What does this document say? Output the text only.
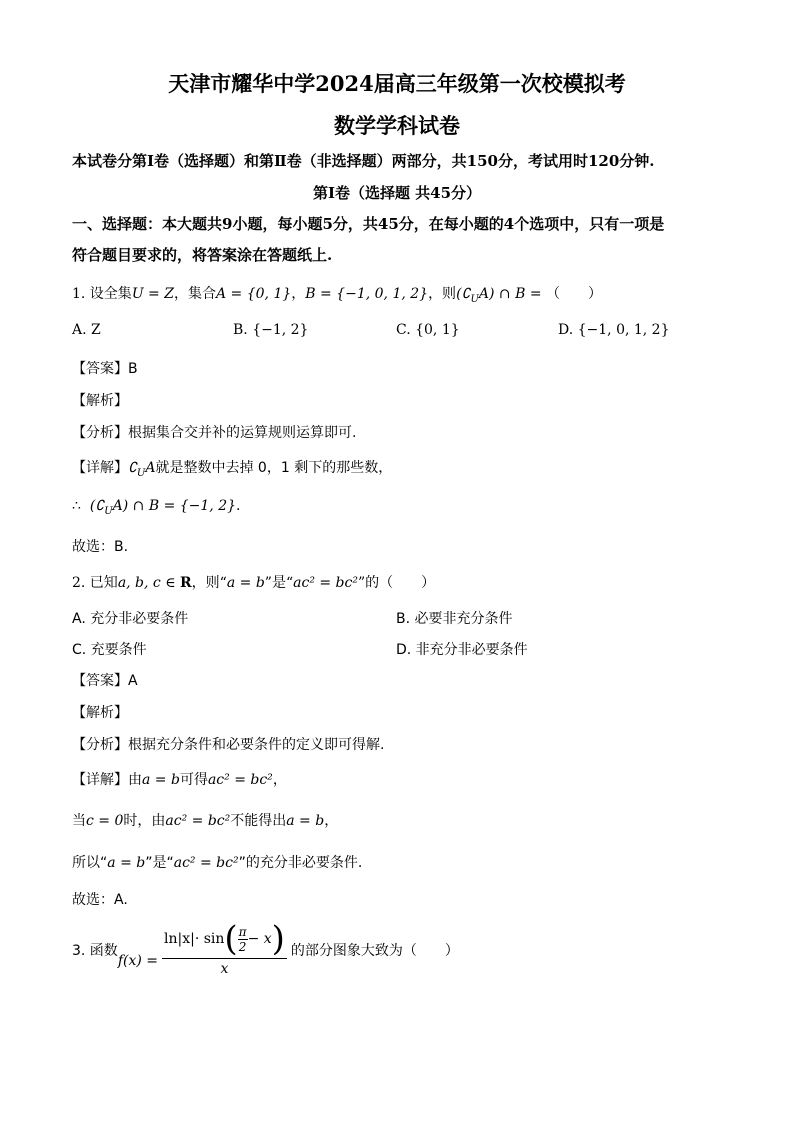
天津市耀华中学2024届高三年级第一次校模拟考
数学学科试卷
本试卷分第Ⅰ卷（选择题）和第Ⅱ卷（非选择题）两部分，共150分，考试用时120分钟.
第Ⅰ卷（选择题 共45分）
一、选择题：本大题共9小题，每小题5分，共45分，在每小题的4个选项中，只有一项是
符合题目要求的，将答案涂在答题纸上.
1. 设全集U = Z，集合A = {0, 1}，B = {−1, 0, 1, 2}，则$(∁_UA)$ ∩ B = （　　）
A. Z	B. {−1, 2}	C. {0, 1}	D. {−1, 0, 1, 2}
【答案】B
【解析】
【分析】根据集合交并补的运算规则运算即可.
【详解】$∁_UA$就是整数中去掉 0，1 剩下的那些数，
∴ $(∁_UA)$ ∩ B = {−1, 2}.
故选：B.
2. 已知a, b, c ∈ R，则“a = b”是“ac² = bc²”的（　　）
A. 充分非必要条件	B. 必要非充分条件
C. 充要条件	D. 非充分非必要条件
【答案】A
【解析】
【分析】根据充分条件和必要条件的定义即可得解.
【详解】由a = b可得ac² = bc²，
当c = 0时，由ac² = bc²不能得出a = b，
所以“a = b”是“ac² = bc²”的充分非必要条件.
故选：A.
3. 函数
$f(x) = \frac{\ln|x|\cdot \sin ( \frac{\pi}{2} - x )}{x}$ 的部分图象大致为（　　）
